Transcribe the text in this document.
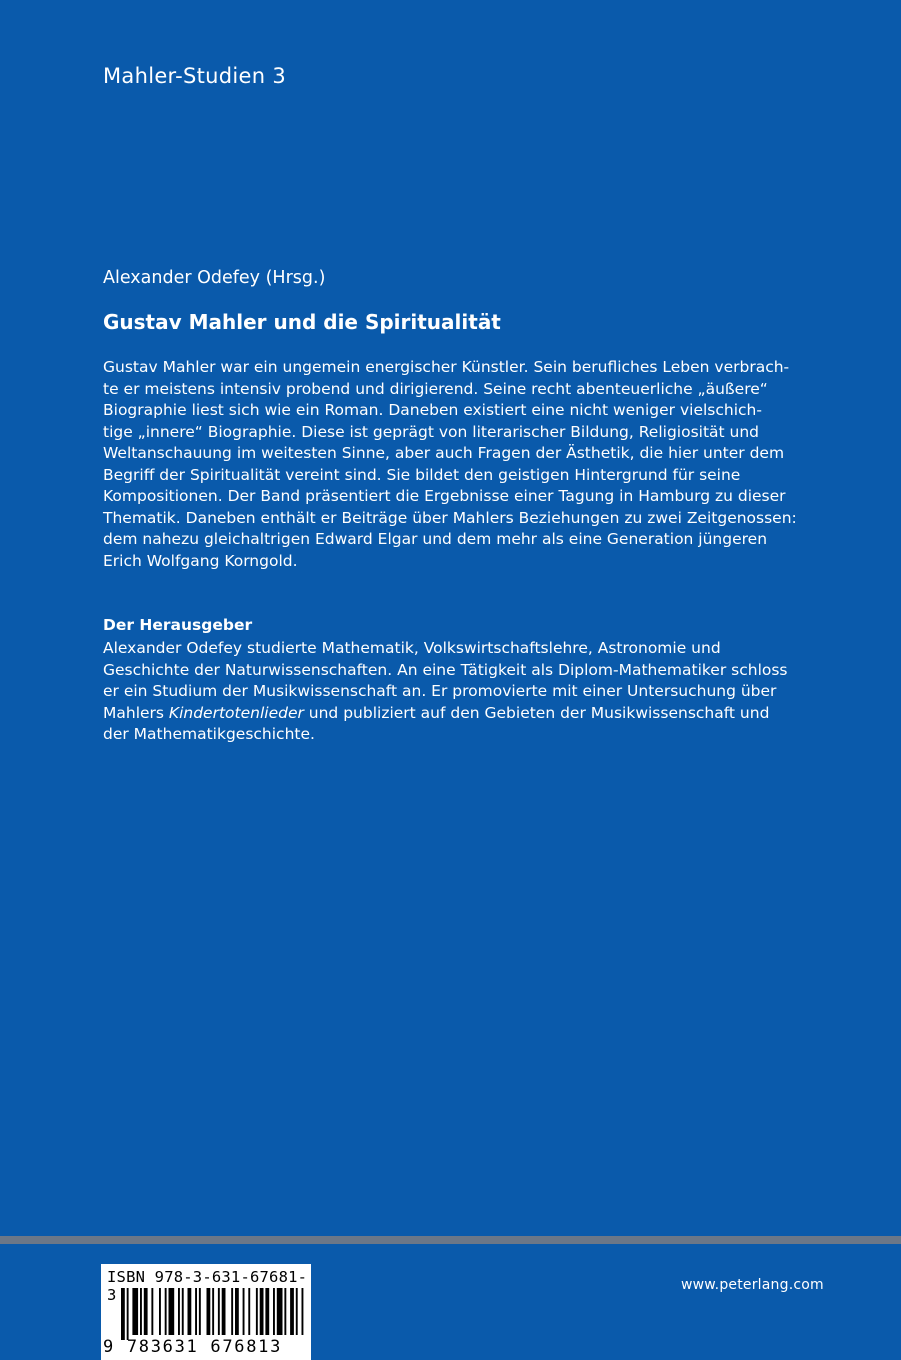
Mahler-Studien 3
Alexander Odefey (Hrsg.)
Gustav Mahler und die Spiritualität
Gustav Mahler war ein ungemein energischer Künstler. Sein berufliches Leben verbrach-
te er meistens intensiv probend und dirigierend. Seine recht abenteuerliche „äußere“
Biographie liest sich wie ein Roman. Daneben existiert eine nicht weniger vielschich-
tige „innere“ Biographie. Diese ist geprägt von literarischer Bildung, Religiosität und
Weltanschauung im weitesten Sinne, aber auch Fragen der Ästhetik, die hier unter dem
Begriff der Spiritualität vereint sind. Sie bildet den geistigen Hintergrund für seine
Kompositionen. Der Band präsentiert die Ergebnisse einer Tagung in Hamburg zu dieser
Thematik. Daneben enthält er Beiträge über Mahlers Beziehungen zu zwei Zeitgenossen:
dem nahezu gleichaltrigen Edward Elgar und dem mehr als eine Generation jüngeren
Erich Wolfgang Korngold.
Der Herausgeber
Alexander Odefey studierte Mathematik, Volkswirtschaftslehre, Astronomie und
Geschichte der Naturwissenschaften. An eine Tätigkeit als Diplom-Mathematiker schloss
er ein Studium der Musikwissenschaft an. Er promovierte mit einer Untersuchung über
Mahlers Kindertotenlieder und publiziert auf den Gebieten der Musikwissenschaft und
der Mathematikgeschichte.
ISBN 978-3-631-67681-3
9 783631 676813
www.peterlang.com
